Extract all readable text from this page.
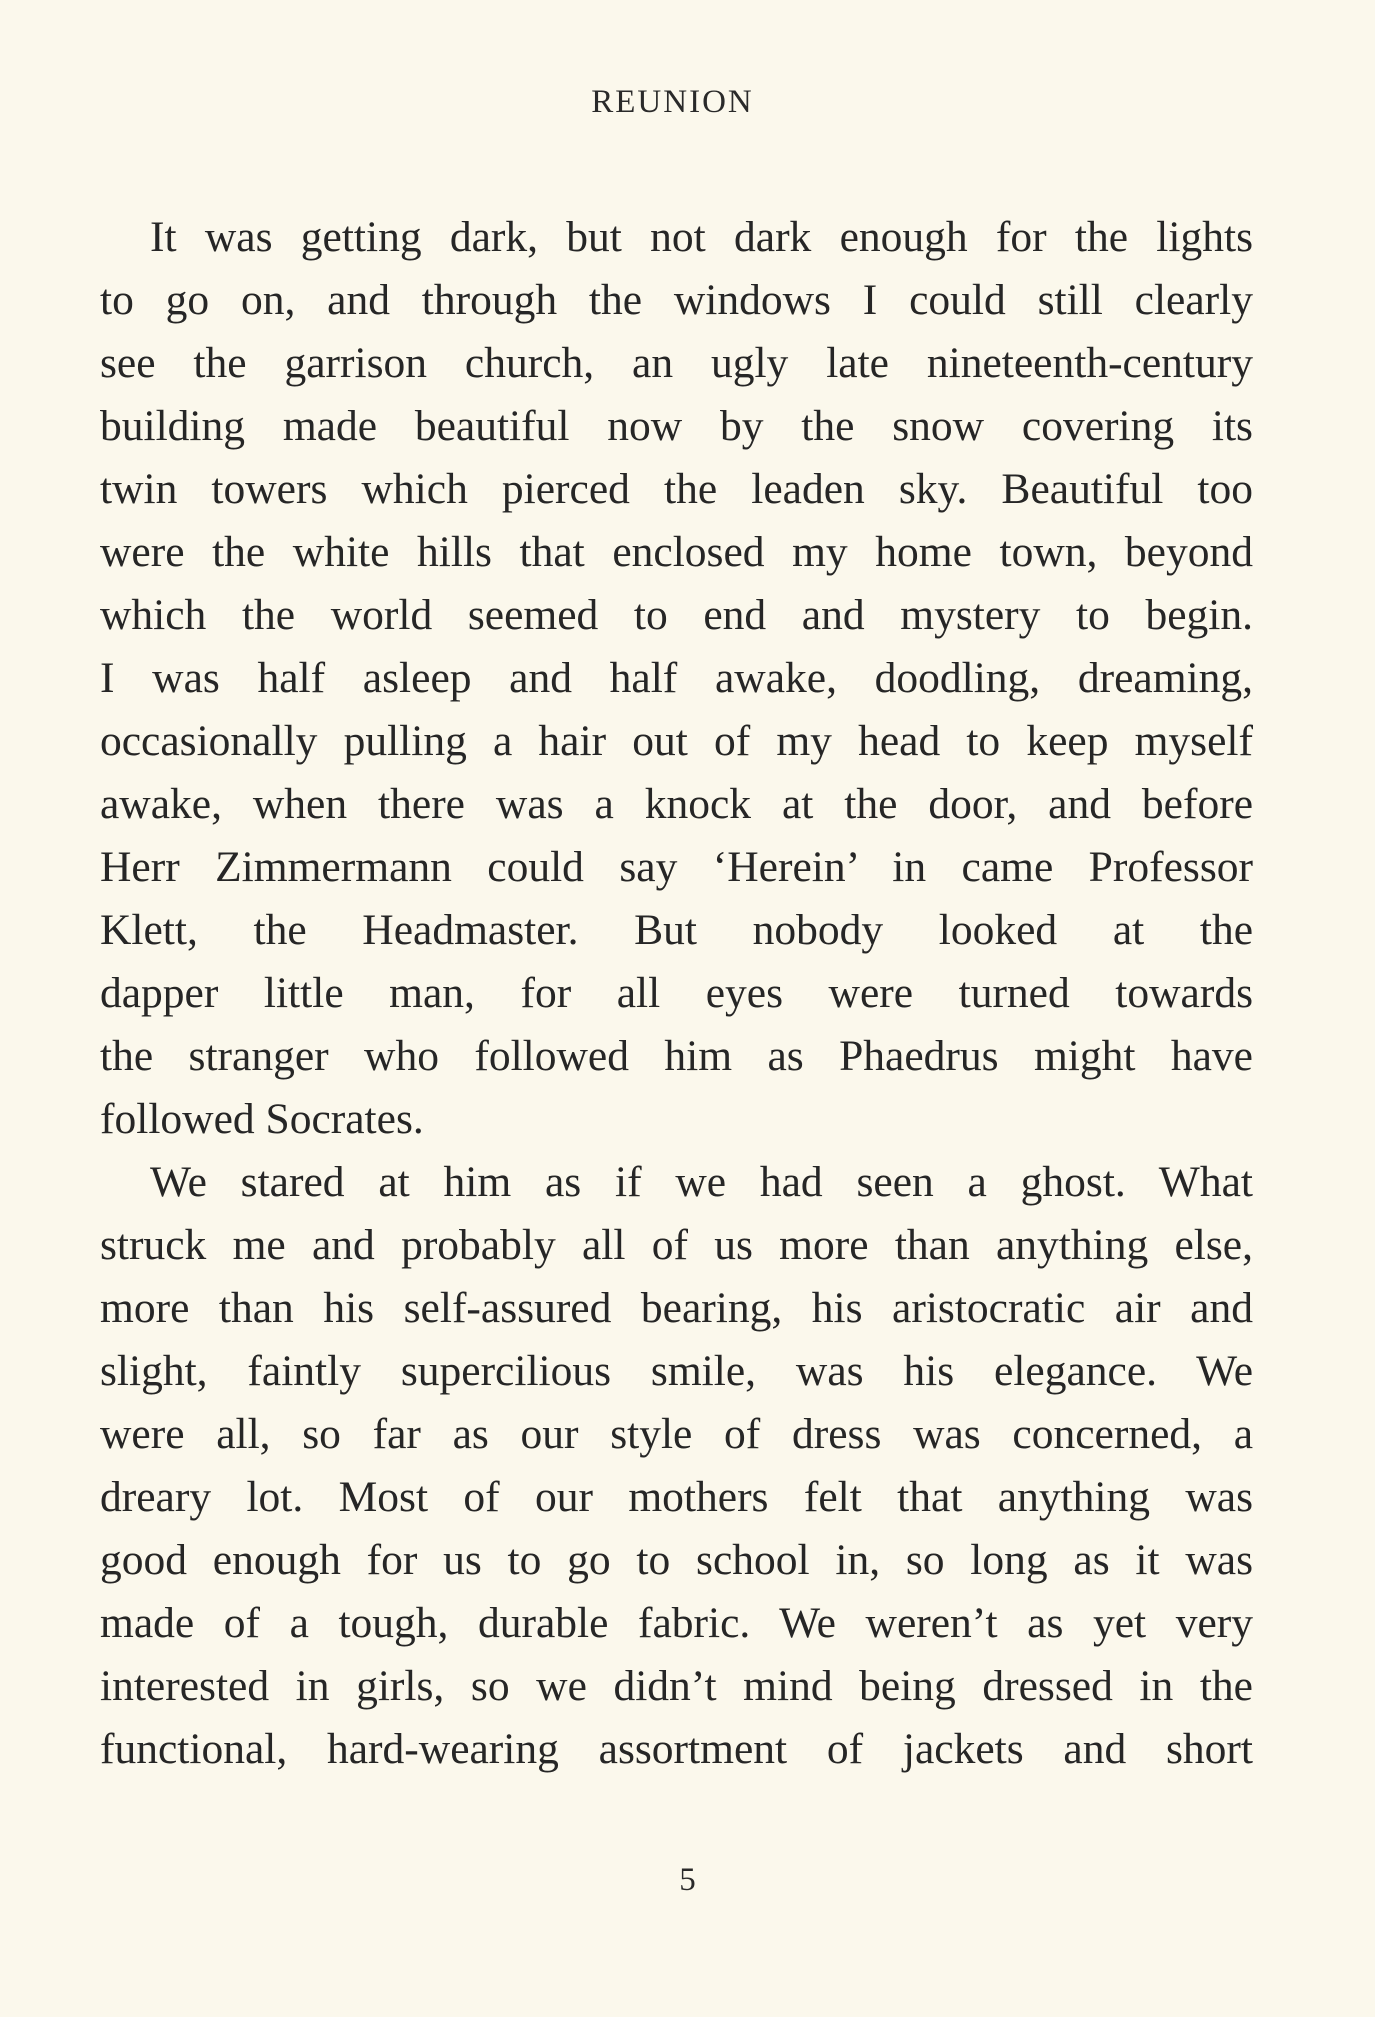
REUNION
It was getting dark, but not dark enough for the lights
to go on, and through the windows I could still clearly
see the garrison church, an ugly late nineteenth-century
building made beautiful now by the snow covering its
twin towers which pierced the leaden sky. Beautiful too
were the white hills that enclosed my home town, beyond
which the world seemed to end and mystery to begin.
I was half asleep and half awake, doodling, dreaming,
occasionally pulling a hair out of my head to keep myself
awake, when there was a knock at the door, and before
Herr Zimmermann could say ‘Herein’ in came Professor
Klett, the Headmaster. But nobody looked at the
dapper little man, for all eyes were turned towards
the stranger who followed him as Phaedrus might have
followed Socrates.
We stared at him as if we had seen a ghost. What
struck me and probably all of us more than anything else,
more than his self-assured bearing, his aristocratic air and
slight, faintly supercilious smile, was his elegance. We
were all, so far as our style of dress was concerned, a
dreary lot. Most of our mothers felt that anything was
good enough for us to go to school in, so long as it was
made of a tough, durable fabric. We weren’t as yet very
interested in girls, so we didn’t mind being dressed in the
functional, hard-wearing assortment of jackets and short
5
